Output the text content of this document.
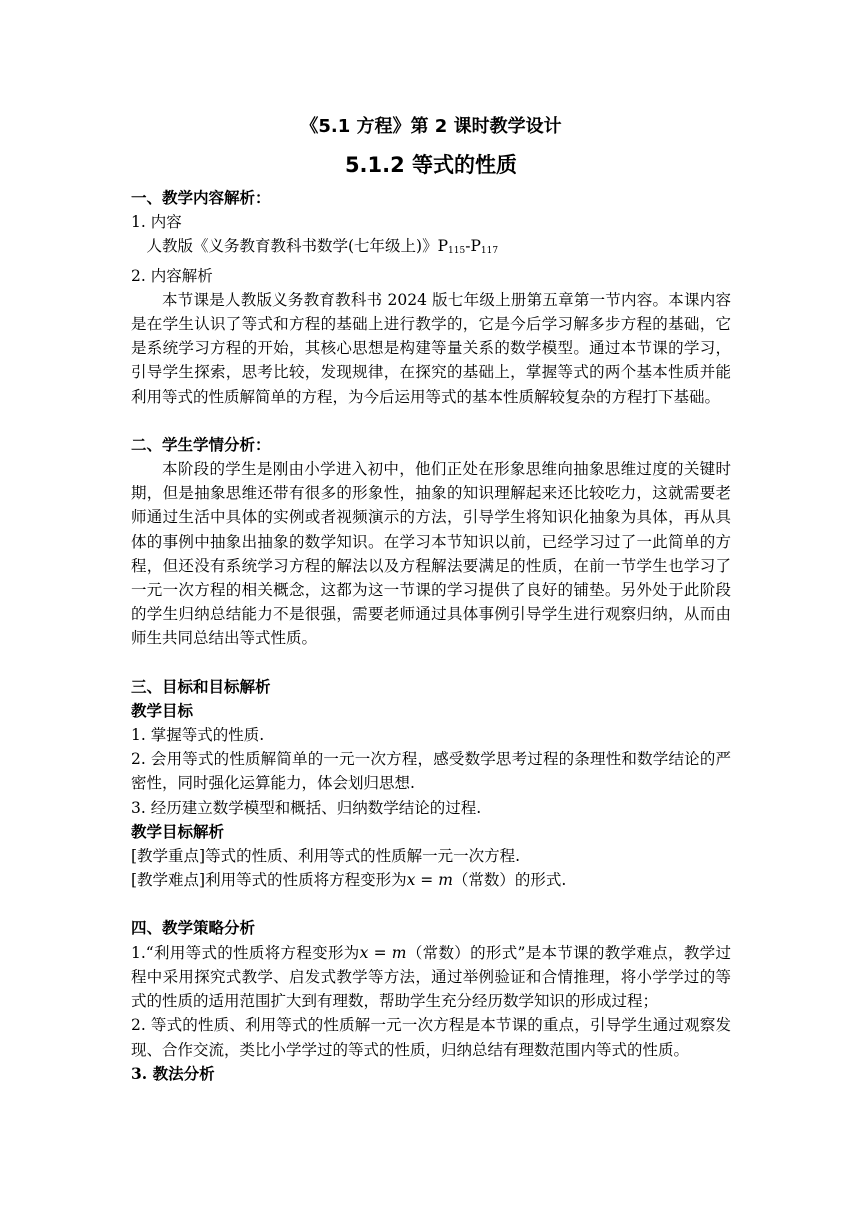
《5.1 方程》第 2 课时教学设计
5.1.2 等式的性质
一、教学内容解析：
1. 内容
人教版《义务教育教科书数学(七年级上)》$P_{115}-P_{117}$
2. 内容解析
本节课是人教版义务教育教科书 2024 版七年级上册第五章第一节内容。本课内容是在学生认识了等式和方程的基础上进行教学的，它是今后学习解多步方程的基础，它是系统学习方程的开始，其核心思想是构建等量关系的数学模型。通过本节课的学习，引导学生探索，思考比较，发现规律，在探究的基础上，掌握等式的两个基本性质并能利用等式的性质解简单的方程，为今后运用等式的基本性质解较复杂的方程打下基础。
二、学生学情分析：
本阶段的学生是刚由小学进入初中，他们正处在形象思维向抽象思维过度的关键时期，但是抽象思维还带有很多的形象性，抽象的知识理解起来还比较吃力，这就需要老师通过生活中具体的实例或者视频演示的方法，引导学生将知识化抽象为具体，再从具体的事例中抽象出抽象的数学知识。在学习本节知识以前，已经学习过了一此简单的方程，但还没有系统学习方程的解法以及方程解法要满足的性质，在前一节学生也学习了一元一次方程的相关概念，这都为这一节课的学习提供了良好的铺垫。另外处于此阶段的学生归纳总结能力不是很强，需要老师通过具体事例引导学生进行观察归纳，从而由师生共同总结出等式性质。
三、目标和目标解析
教学目标
1. 掌握等式的性质.
2. 会用等式的性质解简单的一元一次方程，感受数学思考过程的条理性和数学结论的严密性，同时强化运算能力，体会划归思想.
3. 经历建立数学模型和概括、归纳数学结论的过程.
教学目标解析
[教学重点]等式的性质、利用等式的性质解一元一次方程.
[教学难点]利用等式的性质将方程变形为x = m（常数）的形式.
四、教学策略分析
1.“利用等式的性质将方程变形为x = m（常数）的形式”是本节课的教学难点，教学过程中采用探究式教学、启发式教学等方法，通过举例验证和合情推理，将小学学过的等式的性质的适用范围扩大到有理数，帮助学生充分经历数学知识的形成过程；
2. 等式的性质、利用等式的性质解一元一次方程是本节课的重点，引导学生通过观察发现、合作交流，类比小学学过的等式的性质，归纳总结有理数范围内等式的性质。
3. 教法分析
